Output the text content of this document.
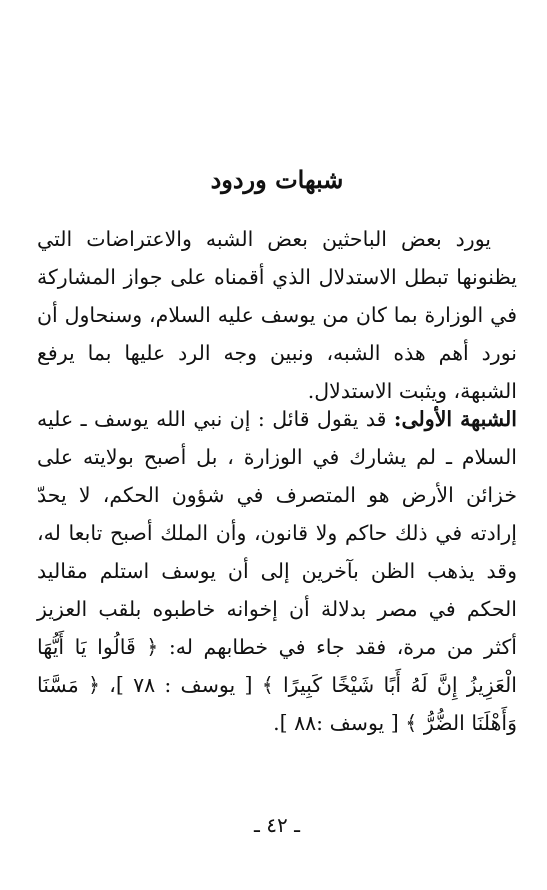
شبهات وردود
يورد بعض الباحثين بعض الشبه والاعتراضات التي يظنونها تبطل الاستدلال الذي أقمناه على جواز المشاركة في الوزارة بما كان من يوسف عليه السلام، وسنحاول أن نورد أهم هذه الشبه، ونبين وجه الرد عليها بما يرفع الشبهة، ويثبت الاستدلال.
الشبهة الأولى: قد يقول قائل : إن نبي الله يوسف ـ عليه السلام ـ لم يشارك في الوزارة ، بل أصبح بولايته على خزائن الأرض هو المتصرف في شؤون الحكم، لا يحدّ إرادته في ذلك حاكم ولا قانون، وأن الملك أصبح تابعا له، وقد يذهب الظن بآخرين إلى أن يوسف استلم مقاليد الحكم في مصر بدلالة أن إخوانه خاطبوه بلقب العزيز أكثر من مرة، فقد جاء في خطابهم له: ﴿ قَالُوا يَا أَيُّهَا الْعَزِيزُ إِنَّ لَهُ أَبًا شَيْخًا كَبِيرًا ﴾ [ يوسف : ٧٨ ]، ﴿ مَسَّنَا وَأَهْلَنَا الضُّرُّ ﴾ [ يوسف :٨٨ ].
ـ ٤٢ ـ
